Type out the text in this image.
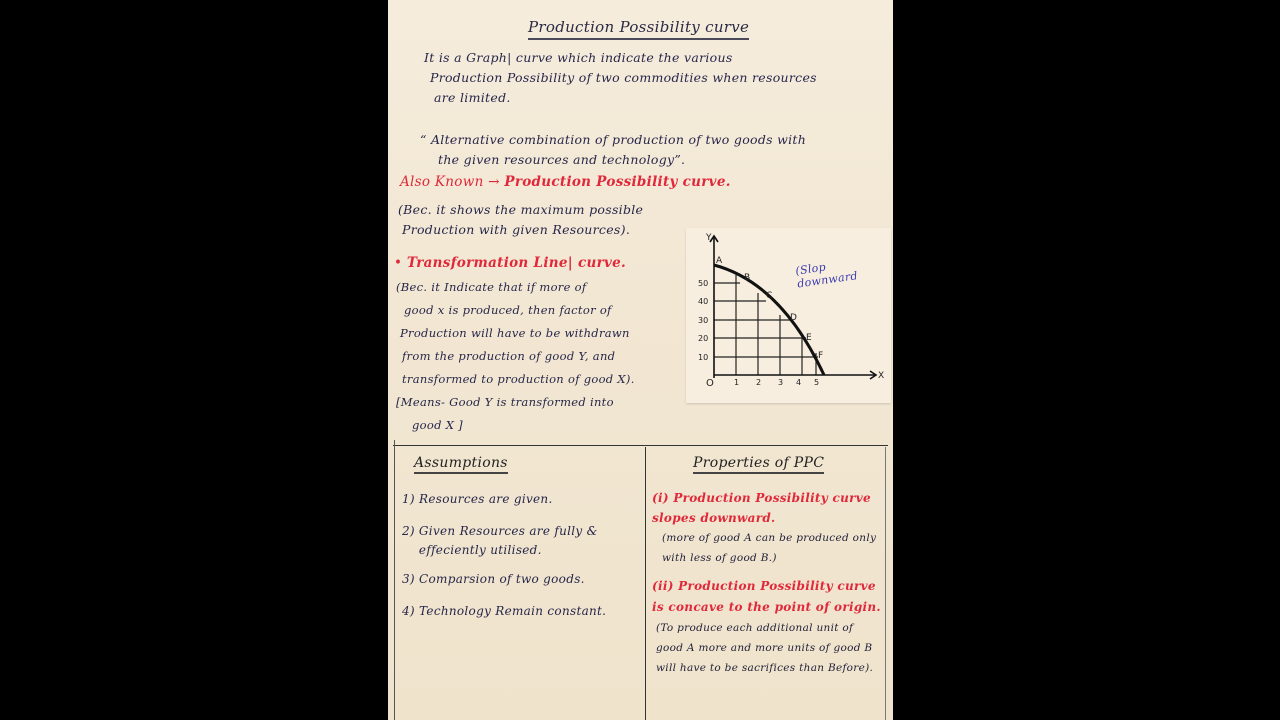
Production Possibility curve
It is a Graph| curve which indicate the various
Production Possibility of two commodities when resources
are limited.
“ Alternative combination of production of two goods with
the given resources and technology”.
Also Known → Production Possibility curve.
(Bec. it shows the maximum possible
Production with given Resources).
• Transformation Line| curve.
(Bec. it Indicate that if more of
good x is produced, then factor of
Production will have to be withdrawn
from the production of good Y, and
transformed to production of good X).
[Means- Good Y is transformed into
good X ]
Y
X
O
50
40
30
20
10
1 2 3 4 5
A
B
C
D
E
F
(Slop downward
Assumptions
1) Resources are given.
2) Given Resources are fully & effeciently utilised.
3) Comparsion of two goods.
4) Technology Remain constant.
Properties of PPC
(i) Production Possibility curve slopes downward.
(more of good A can be produced only with less of good B.)
(ii) Production Possibility curve is concave to the point of origin.
(To produce each additional unit of good A more and more units of good B will have to be sacrifices than Before).
